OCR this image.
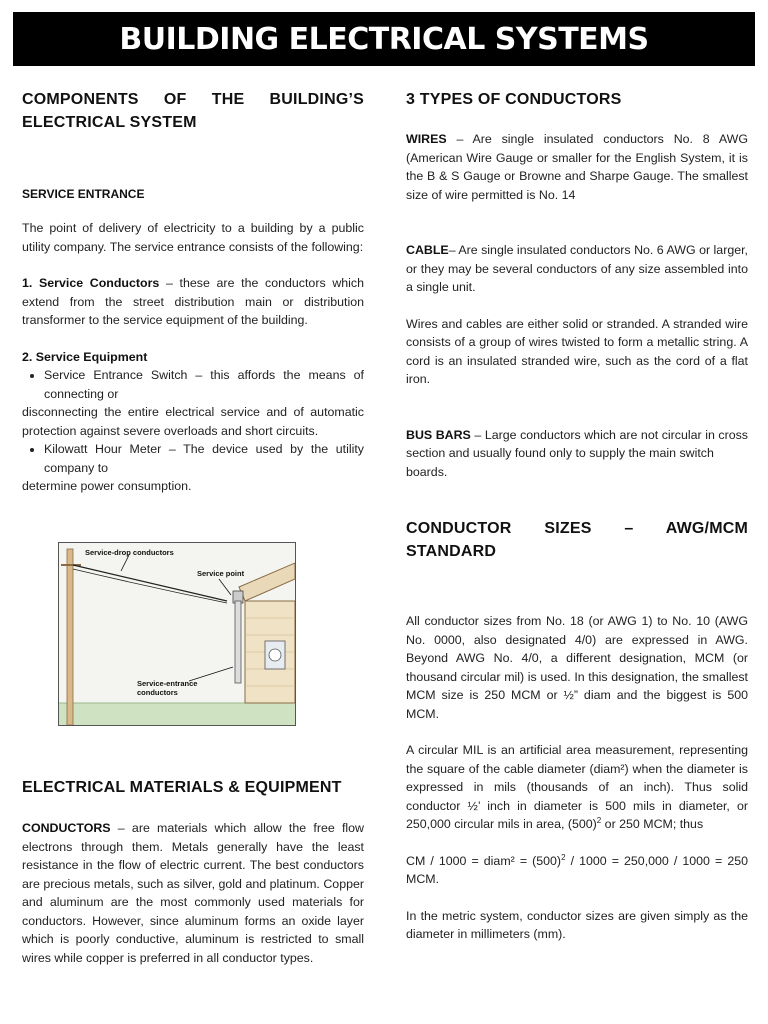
BUILDING ELECTRICAL SYSTEMS
COMPONENTS OF THE BUILDING’S ELECTRICAL SYSTEM
SERVICE ENTRANCE

The point of delivery of electricity to a building by a public utility company. The service entrance consists of the following:

1. Service Conductors – these are the conductors which extend from the street distribution main or distribution transformer to the service equipment of the building.

2. Service Equipment

• Service Entrance Switch – this affords the means of connecting or

disconnecting the entire electrical service and of automatic protection against severe overloads and short circuits.

• Kilowatt Hour Meter – The device used by the utility company to

determine power consumption.

Service-drop conductors
Service point
Service-entrance
conductors
ELECTRICAL MATERIALS & EQUIPMENT

CONDUCTORS – are materials which allow the free flow electrons through them. Metals generally have the least resistance in the flow of electric current. The best conductors are precious metals, such as silver, gold and platinum. Copper and aluminum are the most commonly used materials for conductors. However, since aluminum forms an oxide layer which is poorly conductive, aluminum is restricted to small wires while copper is preferred in all conductor types.

3 TYPES OF CONDUCTORS

WIRES – Are single insulated conductors No. 8 AWG (American Wire Gauge or smaller for the English System, it is the B & S Gauge or Browne and Sharpe Gauge. The smallest size of wire permitted is No. 14

CABLE– Are single insulated conductors No. 6 AWG or larger, or they may be several conductors of any size assembled into a single unit.

Wires and cables are either solid or stranded. A stranded wire consists of a group of wires twisted to form a metallic string. A cord is an insulated stranded wire, such as the cord of a flat iron.

BUS BARS – Large conductors which are not circular in cross section and usually found only to supply the main switch

boards.

CONDUCTOR SIZES – AWG/MCM STANDARD

All conductor sizes from No. 18 (or AWG 1) to No. 10 (AWG No. 0000, also designated 4/0) are expressed in AWG. Beyond AWG No. 4/0, a different designation, MCM (or thousand circular mil) is used. In this designation, the smallest MCM size is 250 MCM or ½” diam and the biggest is 500 MCM.

A circular MIL is an artificial area measurement, representing the square of the cable diameter (diam²) when the diameter is expressed in mils (thousands of an inch). Thus solid conductor ½’ inch in diameter is 500 mils in diameter, or 250,000 circular mils in area, $(500)^2$ or 250 MCM; thus

CM / 1000 = diam² = $(500)^2 / 1000 = 250,000 / 1000 = 250$ MCM.

In the metric system, conductor sizes are given simply as the diameter in millimeters (mm).
